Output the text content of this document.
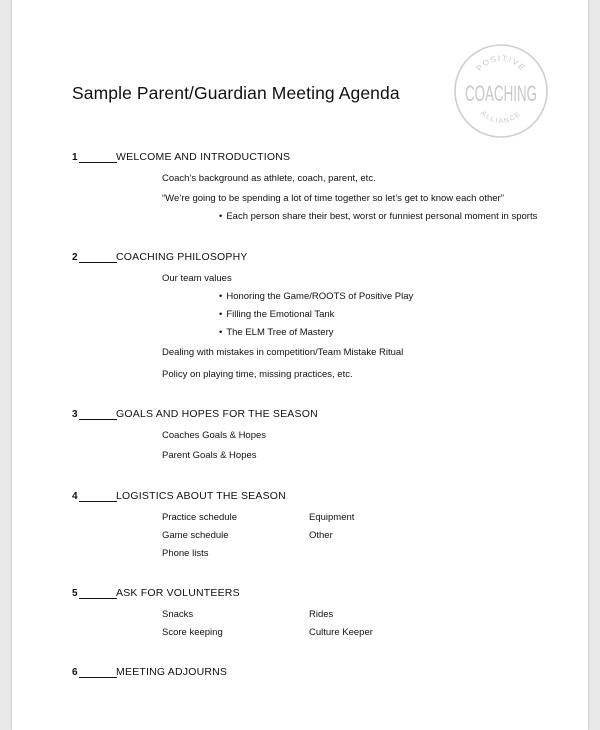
Sample Parent/Guardian Meeting Agenda
POSITIVE
COACHING
ALLIANCE
1	WELCOME AND INTRODUCTIONS
Coach’s background as athlete, coach, parent, etc.
“We’re going to be spending a lot of time together so let’s get to know each other”
• Each person share their best, worst or funniest personal moment in sports
2	COACHING PHILOSOPHY
Our team values
• Honoring the Game/ROOTS of Positive Play
• Filling the Emotional Tank
• The ELM Tree of Mastery
Dealing with mistakes in competition/Team Mistake Ritual
Policy on playing time, missing practices, etc.
3	GOALS AND HOPES FOR THE SEASON
Coaches Goals & Hopes
Parent Goals & Hopes
4	LOGISTICS ABOUT THE SEASON
Practice schedule	Equipment
Game schedule	Other
Phone lists
5	ASK FOR VOLUNTEERS
Snacks	Rides
Score keeping	Culture Keeper
6	MEETING ADJOURNS
